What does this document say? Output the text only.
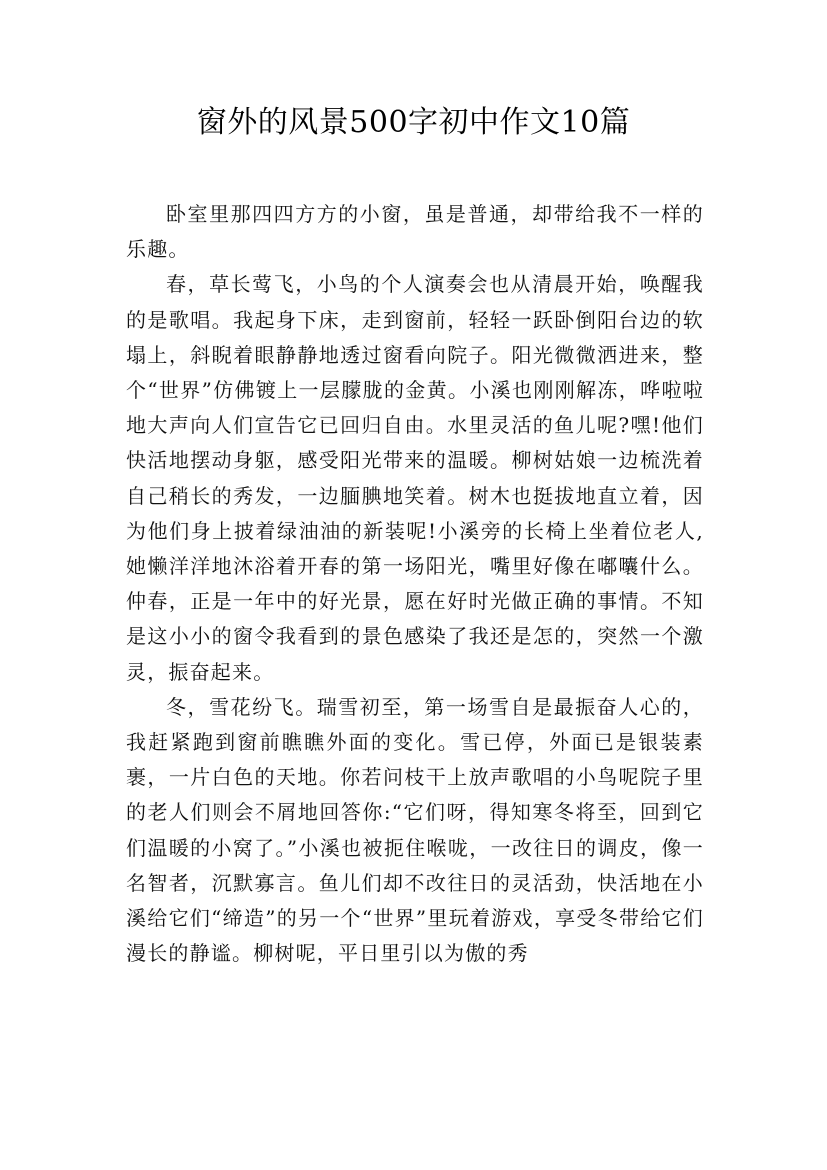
窗外的风景500字初中作文10篇

卧室里那四四方方的小窗，虽是普通，却带给我不一样的乐趣。

春，草长莺飞，小鸟的个人演奏会也从清晨开始，唤醒我的是歌唱。我起身下床，走到窗前，轻轻一跃卧倒阳台边的软塌上，斜睨着眼静静地透过窗看向院子。阳光微微洒进来，整个“世界”仿佛镀上一层朦胧的金黄。小溪也刚刚解冻，哗啦啦地大声向人们宣告它已回归自由。水里灵活的鱼儿呢?嘿!他们快活地摆动身躯，感受阳光带来的温暖。柳树姑娘一边梳洗着自己稍长的秀发，一边腼腆地笑着。树木也挺拔地直立着，因为他们身上披着绿油油的新装呢!小溪旁的长椅上坐着位老人,她懒洋洋地沐浴着开春的第一场阳光，嘴里好像在嘟囔什么。仲春，正是一年中的好光景，愿在好时光做正确的事情。不知是这小小的窗令我看到的景色感染了我还是怎的，突然一个激灵，振奋起来。

冬，雪花纷飞。瑞雪初至，第一场雪自是最振奋人心的，我赶紧跑到窗前瞧瞧外面的变化。雪已停，外面已是银装素裹，一片白色的天地。你若问枝干上放声歌唱的小鸟呢院子里的老人们则会不屑地回答你:“它们呀，得知寒冬将至，回到它们温暖的小窝了。”小溪也被扼住喉咙，一改往日的调皮，像一名智者，沉默寡言。鱼儿们却不改往日的灵活劲，快活地在小溪给它们“缔造”的另一个“世界”里玩着游戏，享受冬带给它们漫长的静谧。柳树呢，平日里引以为傲的秀
